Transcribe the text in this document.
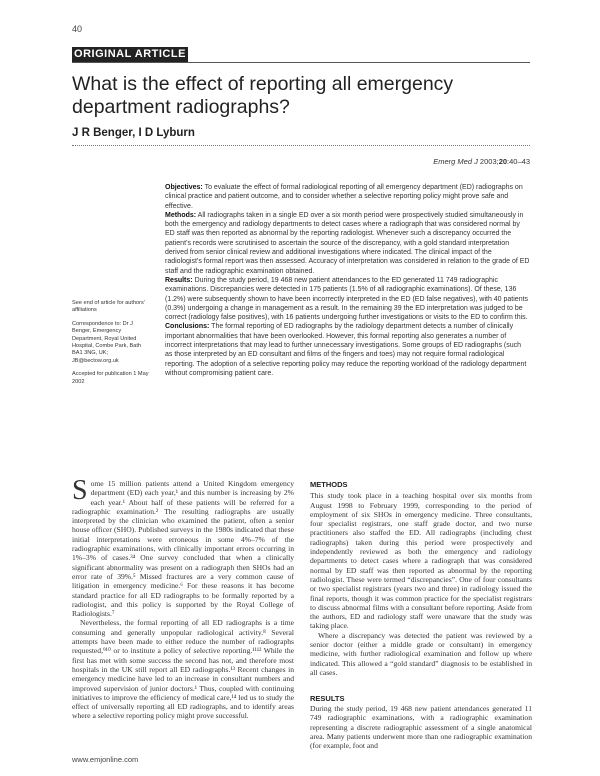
40
ORIGINAL ARTICLE
What is the effect of reporting all emergency department radiographs?
J R Benger, I D Lyburn
Emerg Med J 2003;20:40–43

Objectives: To evaluate the effect of formal radiological reporting of all emergency department (ED) radiographs on clinical practice and patient outcome, and to consider whether a selective reporting policy might prove safe and effective.

Methods: All radiographs taken in a single ED over a six month period were prospectively studied simultaneously in both the emergency and radiology departments to detect cases where a radiograph that was considered normal by ED staff was then reported as abnormal by the reporting radiologist. Whenever such a discrepancy occurred the patient’s records were scrutinised to ascertain the source of the discrepancy, with a gold standard interpretation derived from senior clinical review and additional investigations where indicated. The clinical impact of the radiologist’s formal report was then assessed. Accuracy of interpretation was considered in relation to the grade of ED staff and the radiographic examination obtained.

Results: During the study period, 19 468 new patient attendances to the ED generated 11 749 radiographic examinations. Discrepancies were detected in 175 patients (1.5% of all radiographic examinations). Of these, 136 (1.2%) were subsequently shown to have been incorrectly interpreted in the ED (ED false negatives), with 40 patients (0.3%) undergoing a change in management as a result. In the remaining 39 the ED interpretation was judged to be correct (radiology false positives), with 16 patients undergoing further investigations or visits to the ED to confirm this.

Conclusions: The formal reporting of ED radiographs by the radiology department detects a number of clinically important abnormalities that have been overlooked. However, this formal reporting also generates a number of incorrect interpretations that may lead to further unnecessary investigations. Some groups of ED radiographs (such as those interpreted by an ED consultant and films of the fingers and toes) may not require formal radiological reporting. The adoption of a selective reporting policy may reduce the reporting workload of the radiology department without compromising patient care.

See end of article for authors’ affiliations

Correspondence to: Dr J Benger, Emergency Department, Royal United Hospital, Combe Park, Bath BA1 3NG, UK; JB@bectow.org.uk

Accepted for publication 1 May 2002

Some 15 million patients attend a United Kingdom emergency department (ED) each year,¹ and this number is increasing by 2% each year.¹ About half of these patients will be referred for a radiographic examination.² The resulting radiographs are usually interpreted by the clinician who examined the patient, often a senior house officer (SHO). Published surveys in the 1980s indicated that these initial interpretations were erroneous in some 4%–7% of the radiographic examinations, with clinically important errors occurring in 1%–3% of cases.³⁴ One survey concluded that when a clinically significant abnormality was present on a radiograph then SHOs had an error rate of 39%.⁵ Missed fractures are a very common cause of litigation in emergency medicine.⁶ For these reasons it has become standard practice for all ED radiographs to be formally reported by a radiologist, and this policy is supported by the Royal College of Radiologists.⁷

Nevertheless, the formal reporting of all ED radiographs is a time consuming and generally unpopular radiological activity.⁸ Several attempts have been made to either reduce the number of radiographs requested,⁹¹⁰ or to institute a policy of selective reporting.¹¹¹² While the first has met with some success the second has not, and therefore most hospitals in the UK still report all ED radiographs.¹³ Recent changes in emergency medicine have led to an increase in consultant numbers and improved supervision of junior doctors.¹ Thus, coupled with continuing initiatives to improve the efficiency of medical care,¹⁴ led us to study the effect of universally reporting all ED radiographs, and to identify areas where a selective reporting policy might prove successful.

METHODS

This study took place in a teaching hospital over six months from August 1998 to February 1999, corresponding to the period of employment of six SHOs in emergency medicine. Three consultants, four specialist registrars, one staff grade doctor, and two nurse practitioners also staffed the ED. All radiographs (including chest radiographs) taken during this period were prospectively and independently reviewed as both the emergency and radiology departments to detect cases where a radiograph that was considered normal by ED staff was then reported as abnormal by the reporting radiologist. These were termed “discrepancies”. One of four consultants or two specialist registrars (years two and three) in radiology issued the final reports, though it was common practice for the specialist registrars to discuss abnormal films with a consultant before reporting. Aside from the authors, ED and radiology staff were unaware that the study was taking place.

Where a discrepancy was detected the patient was reviewed by a senior doctor (either a middle grade or consultant) in emergency medicine, with further radiological examination and follow up where indicated. This allowed a “gold standard” diagnosis to be established in all cases.

RESULTS

During the study period, 19 468 new patient attendances generated 11 749 radiographic examinations, with a radiographic examination representing a discrete radiographic assessment of a single anatomical area. Many patients underwent more than one radiographic examination (for example, foot and

www.emjonline.com
